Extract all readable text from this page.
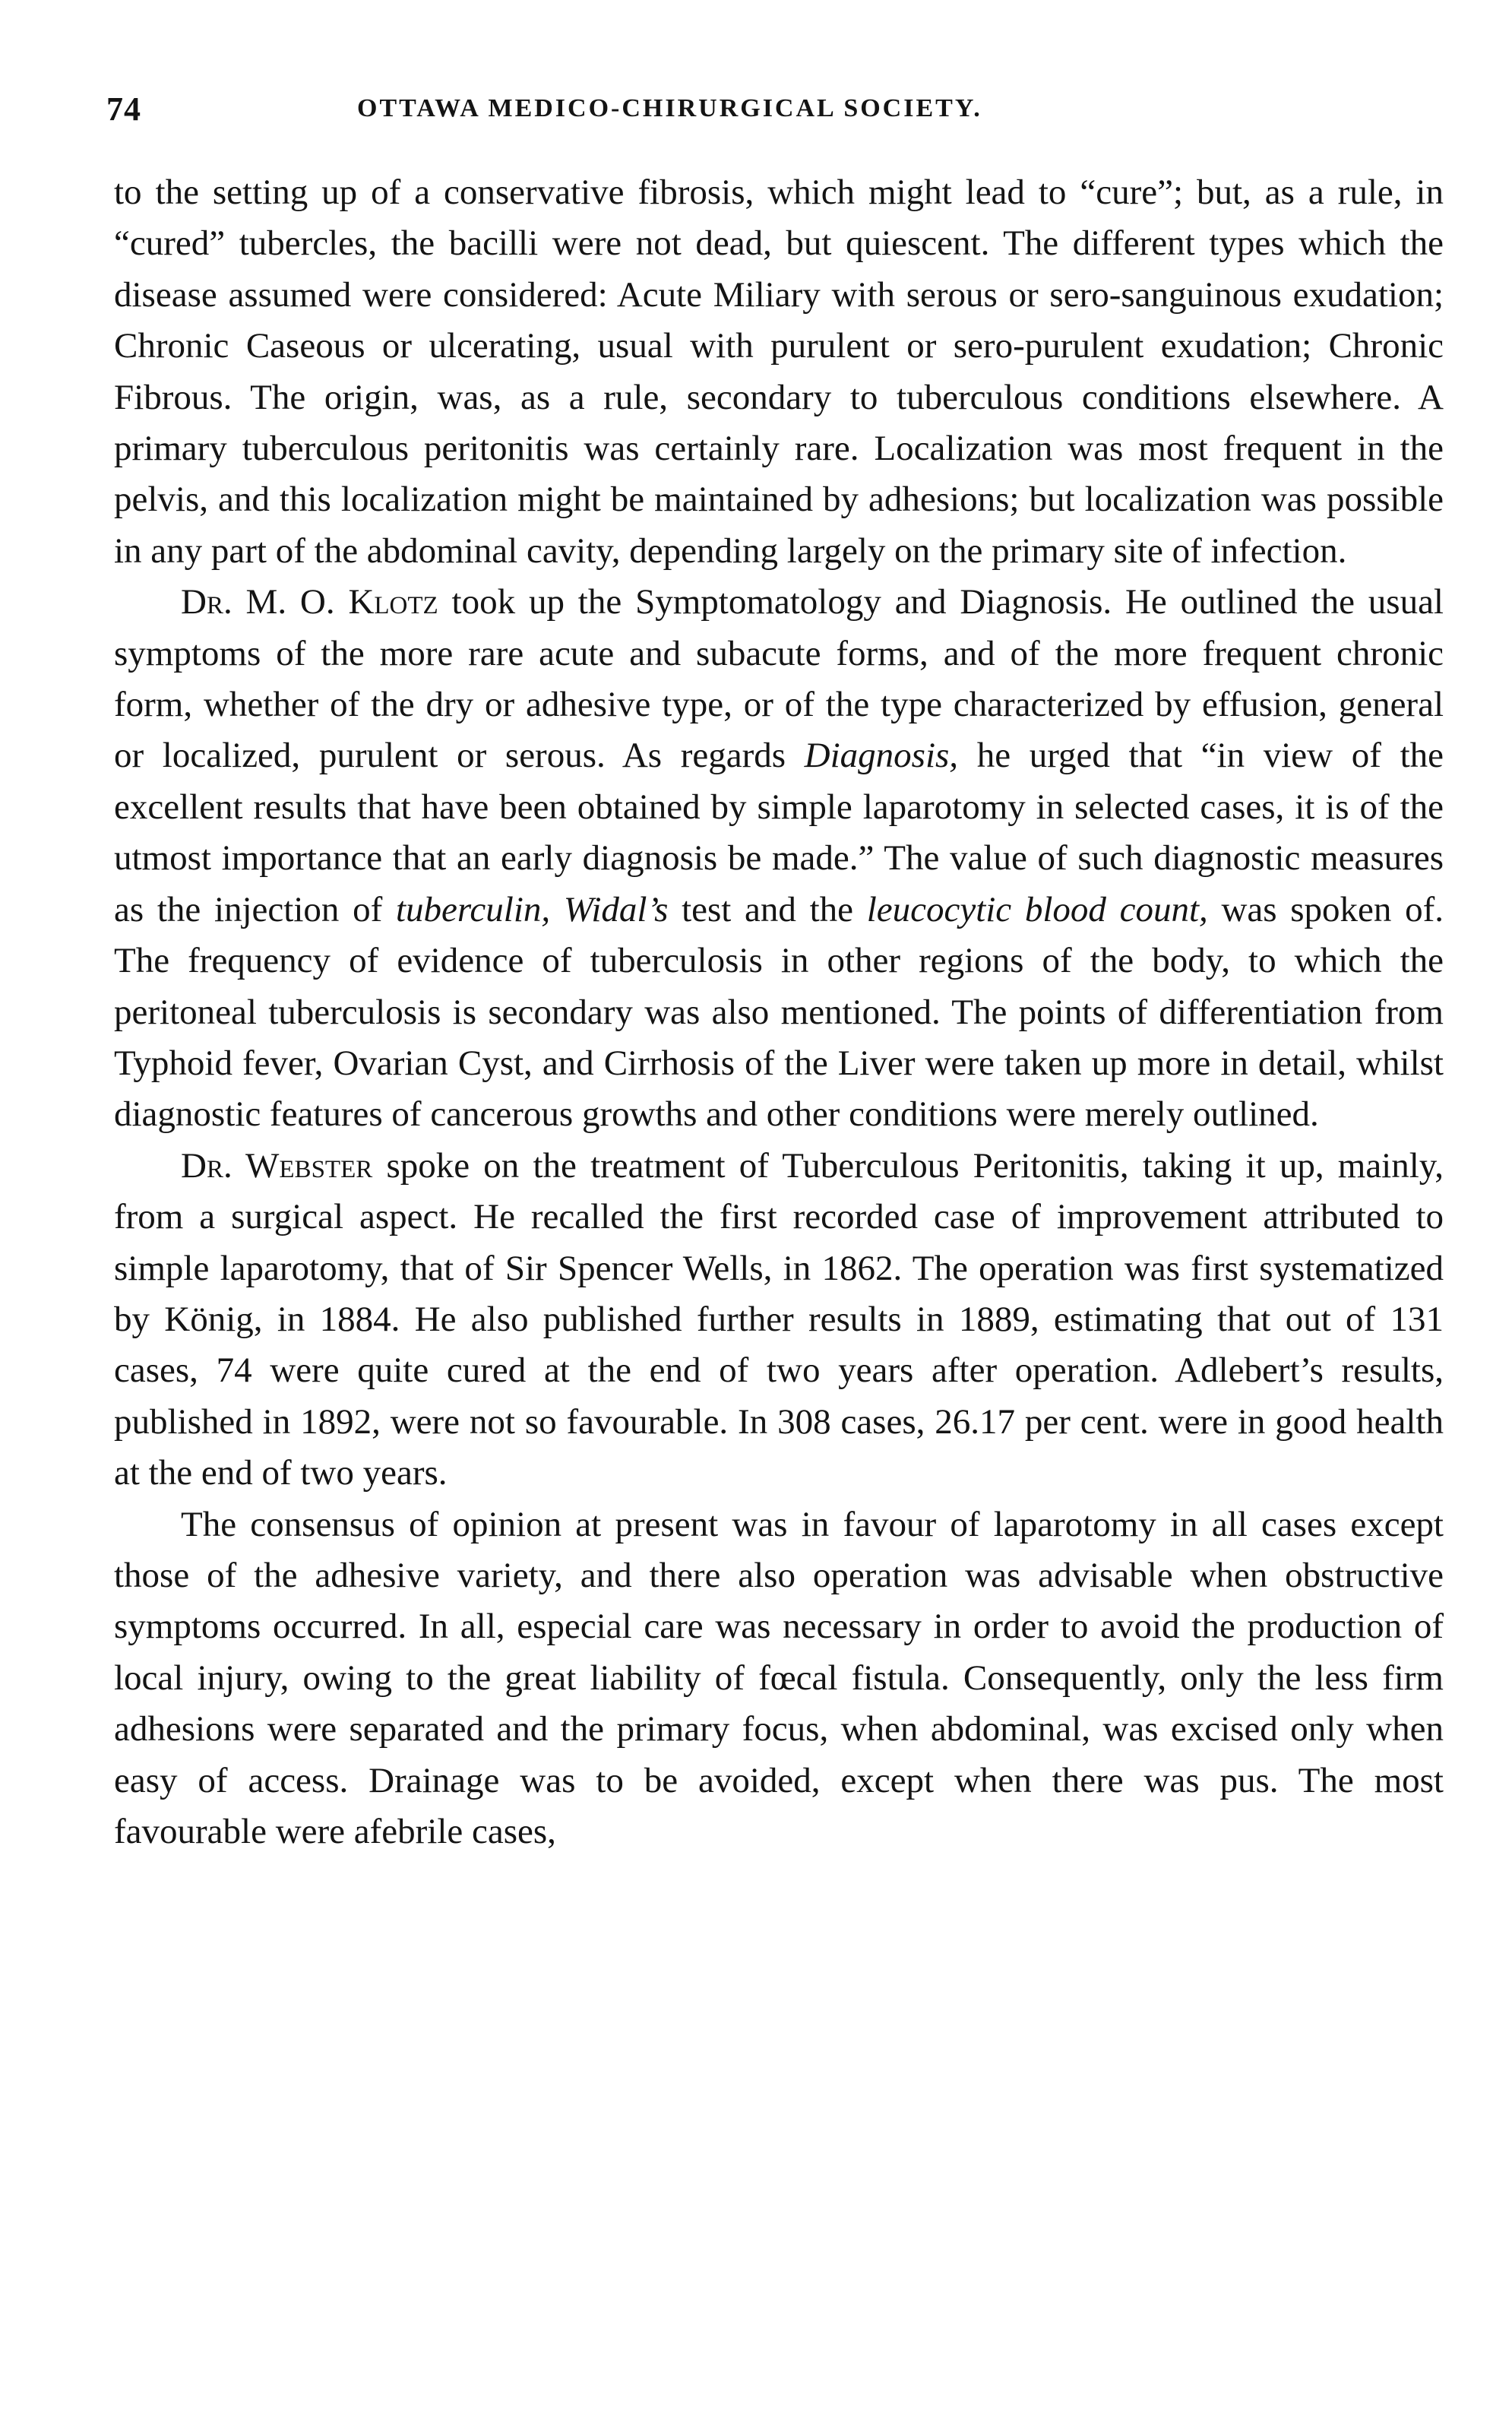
74	OTTAWA MEDICO-CHIRURGICAL SOCIETY.

to the setting up of a conservative fibrosis, which might lead to “cure”; but, as a rule, in “cured” tubercles, the bacilli were not dead, but quiescent. The different types which the disease assumed were considered: Acute Miliary with serous or sero-sanguinous exudation; Chronic Caseous or ulcerating, usual with purulent or sero-purulent exudation; Chronic Fibrous. The origin, was, as a rule, secondary to tuberculous conditions elsewhere. A primary tuberculous peritonitis was certainly rare. Localization was most frequent in the pelvis, and this localization might be maintained by adhesions; but localization was possible in any part of the abdominal cavity, depending largely on the primary site of infection.

Dr. M. O. Klotz took up the Symptomatology and Diagnosis. He outlined the usual symptoms of the more rare acute and subacute forms, and of the more frequent chronic form, whether of the dry or adhesive type, or of the type characterized by effusion, general or localized, purulent or serous. As regards Diagnosis, he urged that “in view of the excellent results that have been obtained by simple laparotomy in selected cases, it is of the utmost importance that an early diagnosis be made.” The value of such diagnostic measures as the injection of tuberculin, Widal’s test and the leucocytic blood count, was spoken of. The frequency of evidence of tuberculosis in other regions of the body, to which the peritoneal tuberculosis is secondary was also mentioned. The points of differentiation from Typhoid fever, Ovarian Cyst, and Cirrhosis of the Liver were taken up more in detail, whilst diagnostic features of cancerous growths and other conditions were merely outlined.

Dr. Webster spoke on the treatment of Tuberculous Peritonitis, taking it up, mainly, from a surgical aspect. He recalled the first recorded case of improvement attributed to simple laparotomy, that of Sir Spencer Wells, in 1862. The operation was first systematized by König, in 1884. He also published further results in 1889, estimating that out of 131 cases, 74 were quite cured at the end of two years after operation. Adlebert’s results, published in 1892, were not so favourable. In 308 cases, 26.17 per cent. were in good health at the end of two years.

The consensus of opinion at present was in favour of laparotomy in all cases except those of the adhesive variety, and there also operation was advisable when obstructive symptoms occurred. In all, especial care was necessary in order to avoid the production of local injury, owing to the great liability of fœcal fistula. Consequently, only the less firm adhesions were separated and the primary focus, when abdominal, was excised only when easy of access. Drainage was to be avoided, except when there was pus. The most favourable were afebrile cases,
